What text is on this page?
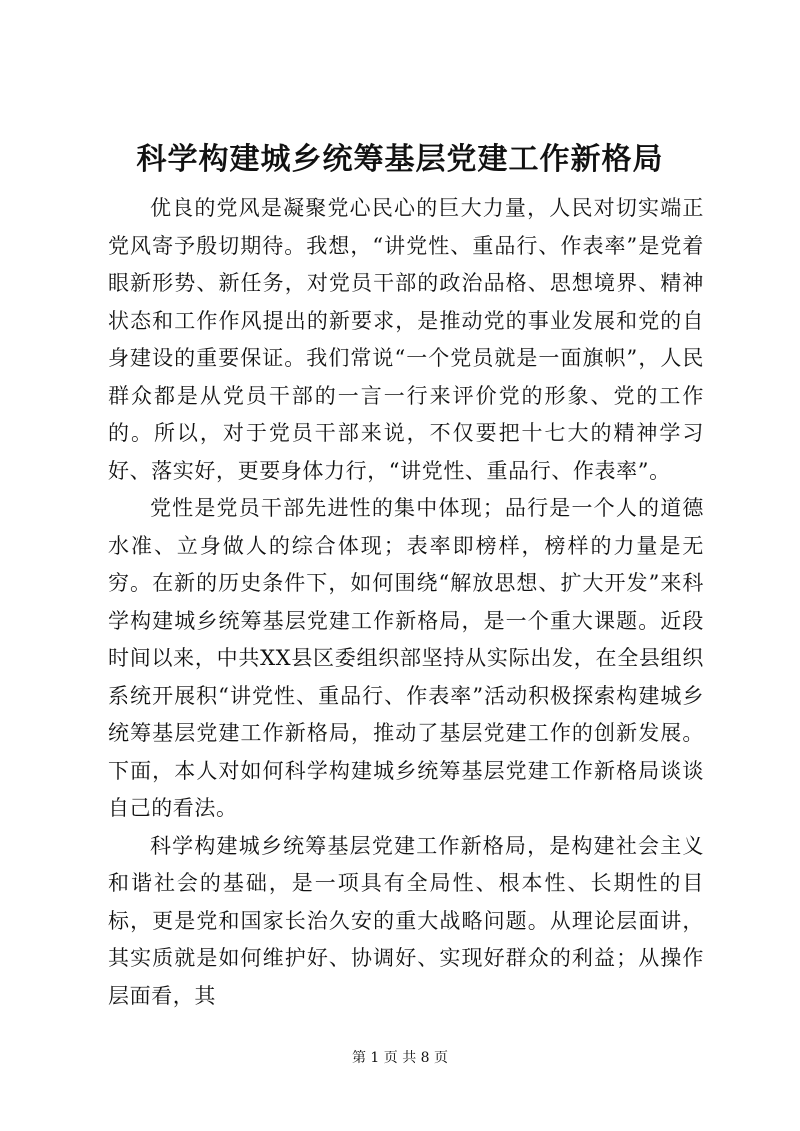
科学构建城乡统筹基层党建工作新格局

优良的党风是凝聚党心民心的巨大力量，人民对切实端正党风寄予殷切期待。我想，“讲党性、重品行、作表率”是党着眼新形势、新任务，对党员干部的政治品格、思想境界、精神状态和工作作风提出的新要求，是推动党的事业发展和党的自身建设的重要保证。我们常说“一个党员就是一面旗帜”，人民群众都是从党员干部的一言一行来评价党的形象、党的工作的。所以，对于党员干部来说，不仅要把十七大的精神学习好、落实好，更要身体力行，“讲党性、重品行、作表率”。

党性是党员干部先进性的集中体现；品行是一个人的道德水准、立身做人的综合体现；表率即榜样，榜样的力量是无穷。在新的历史条件下，如何围绕“解放思想、扩大开发”来科学构建城乡统筹基层党建工作新格局，是一个重大课题。近段时间以来，中共XX县区委组织部坚持从实际出发，在全县组织系统开展积“讲党性、重品行、作表率”活动积极探索构建城乡统筹基层党建工作新格局，推动了基层党建工作的创新发展。下面，本人对如何科学构建城乡统筹基层党建工作新格局谈谈自己的看法。

科学构建城乡统筹基层党建工作新格局，是构建社会主义和谐社会的基础，是一项具有全局性、根本性、长期性的目标，更是党和国家长治久安的重大战略问题。从理论层面讲，其实质就是如何维护好、协调好、实现好群众的利益；从操作层面看，其

第 1 页 共 8 页
